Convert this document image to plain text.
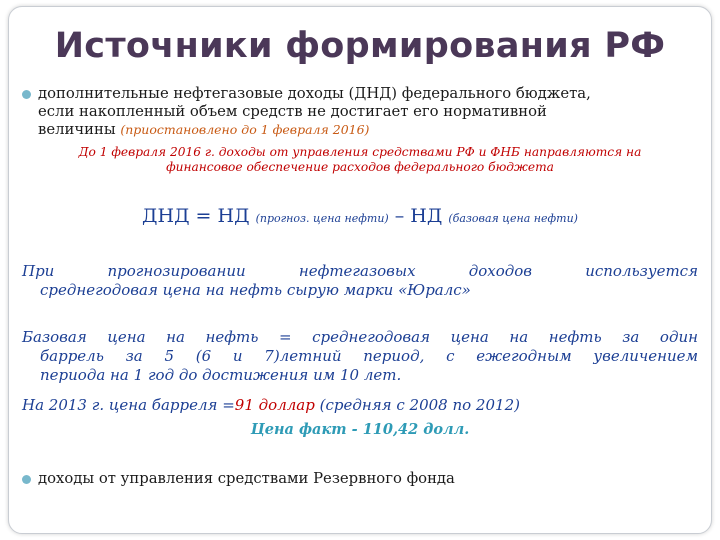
Источники формирования РФ
дополнительные нефтегазовые доходы (ДНД) федерального бюджета,
если накопленный объем средств не достигает его нормативной
величины (приостановлено до 1 февраля 2016)
До 1 февраля 2016 г. доходы от управления средствами РФ и ФНБ направляются на
финансовое обеспечение расходов федерального бюджета
ДНД = НД (прогноз. цена нефти) – НД (базовая цена нефти)
При прогнозировании нефтегазовых доходов используется
среднегодовая цена на нефть сырую марки «Юралс»
Базовая цена на нефть = среднегодовая цена на нефть за один
баррель за 5 (6 и 7)летний период, с ежегодным увеличением
периода на 1 год до достижения им 10 лет.
На 2013 г. цена барреля =91 доллар (средняя с 2008 по 2012)
Цена факт - 110,42 долл.
доходы от управления средствами Резервного фонда
